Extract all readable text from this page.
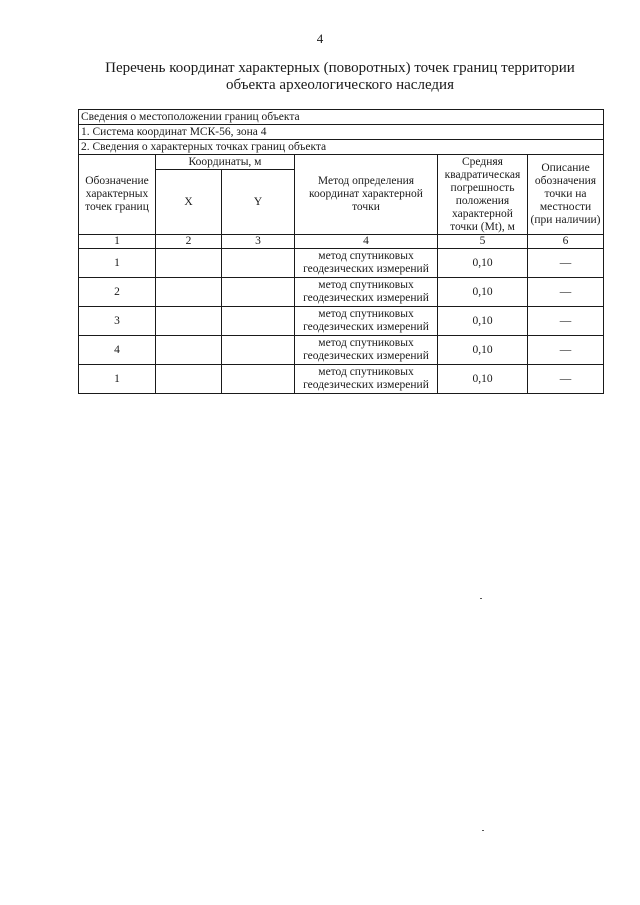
4
Перечень координат характерных (поворотных) точек границ территории
объекта археологического наследия
Сведения о местоположении границ объекта					
1. Система координат МСК-56, зона 4					
2. Сведения о характерных точках границ объекта					
Обозначение характерных точек границ	Координаты, м		Метод определения координат характерной точки	Средняя квадратическая погрешность положения характерной точки (Mt), м	Описание обозначения точки на местности (при наличии)
	X	Y			
1	2	3	4	5	6
1			метод спутниковых
геодезических измерений	0,10	—
2			метод спутниковых
геодезических измерений	0,10	—
3			метод спутниковых
геодезических измерений	0,10	—
4			метод спутниковых
геодезических измерений	0,10	—
1			метод спутниковых
геодезических измерений	0,10	—
